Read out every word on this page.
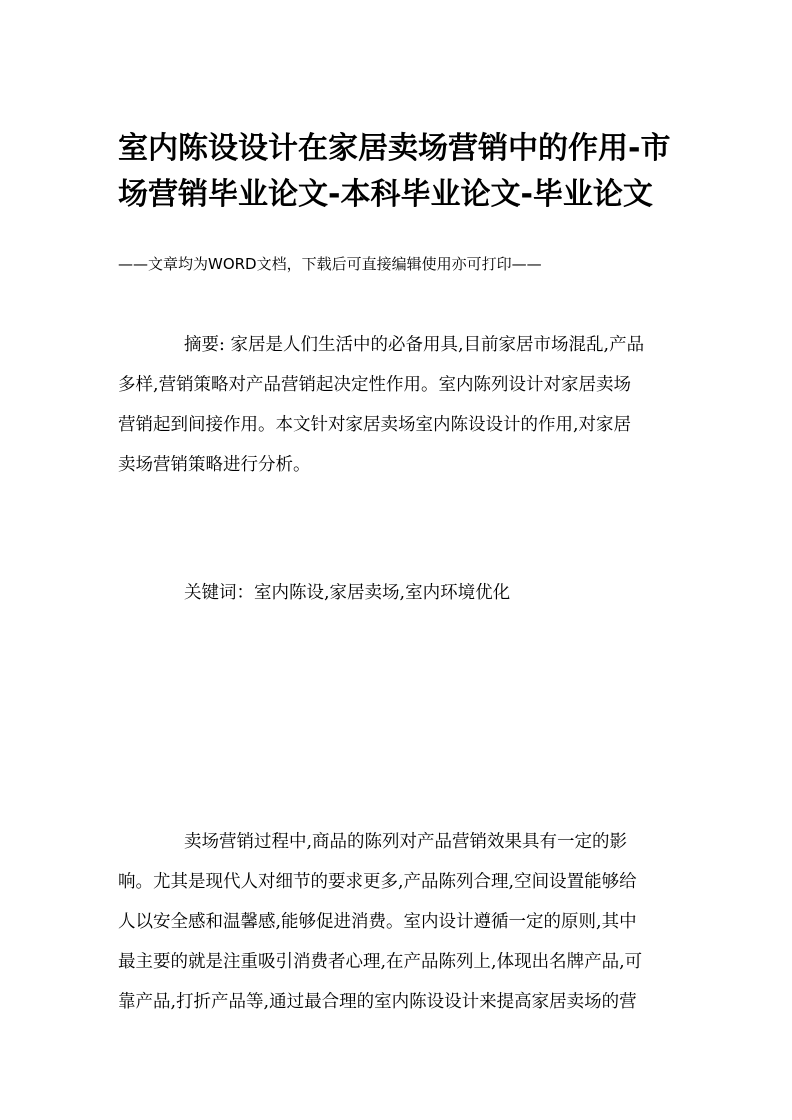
室内陈设设计在家居卖场营销中的作用-市
场营销毕业论文-本科毕业论文-毕业论文
——文章均为WORD文档，下载后可直接编辑使用亦可打印——

摘要: 家居是人们生活中的必备用具,目前家居市场混乱,产品
多样,营销策略对产品营销起决定性作用。室内陈列设计对家居卖场
营销起到间接作用。本文针对家居卖场室内陈设设计的作用,对家居
卖场营销策略进行分析。

关键词：室内陈设,家居卖场,室内环境优化

卖场营销过程中,商品的陈列对产品营销效果具有一定的影
响。尤其是现代人对细节的要求更多,产品陈列合理,空间设置能够给
人以安全感和温馨感,能够促进消费。室内设计遵循一定的原则,其中
最主要的就是注重吸引消费者心理,在产品陈列上,体现出名牌产品,可
靠产品,打折产品等,通过最合理的室内陈设设计来提高家居卖场的营
